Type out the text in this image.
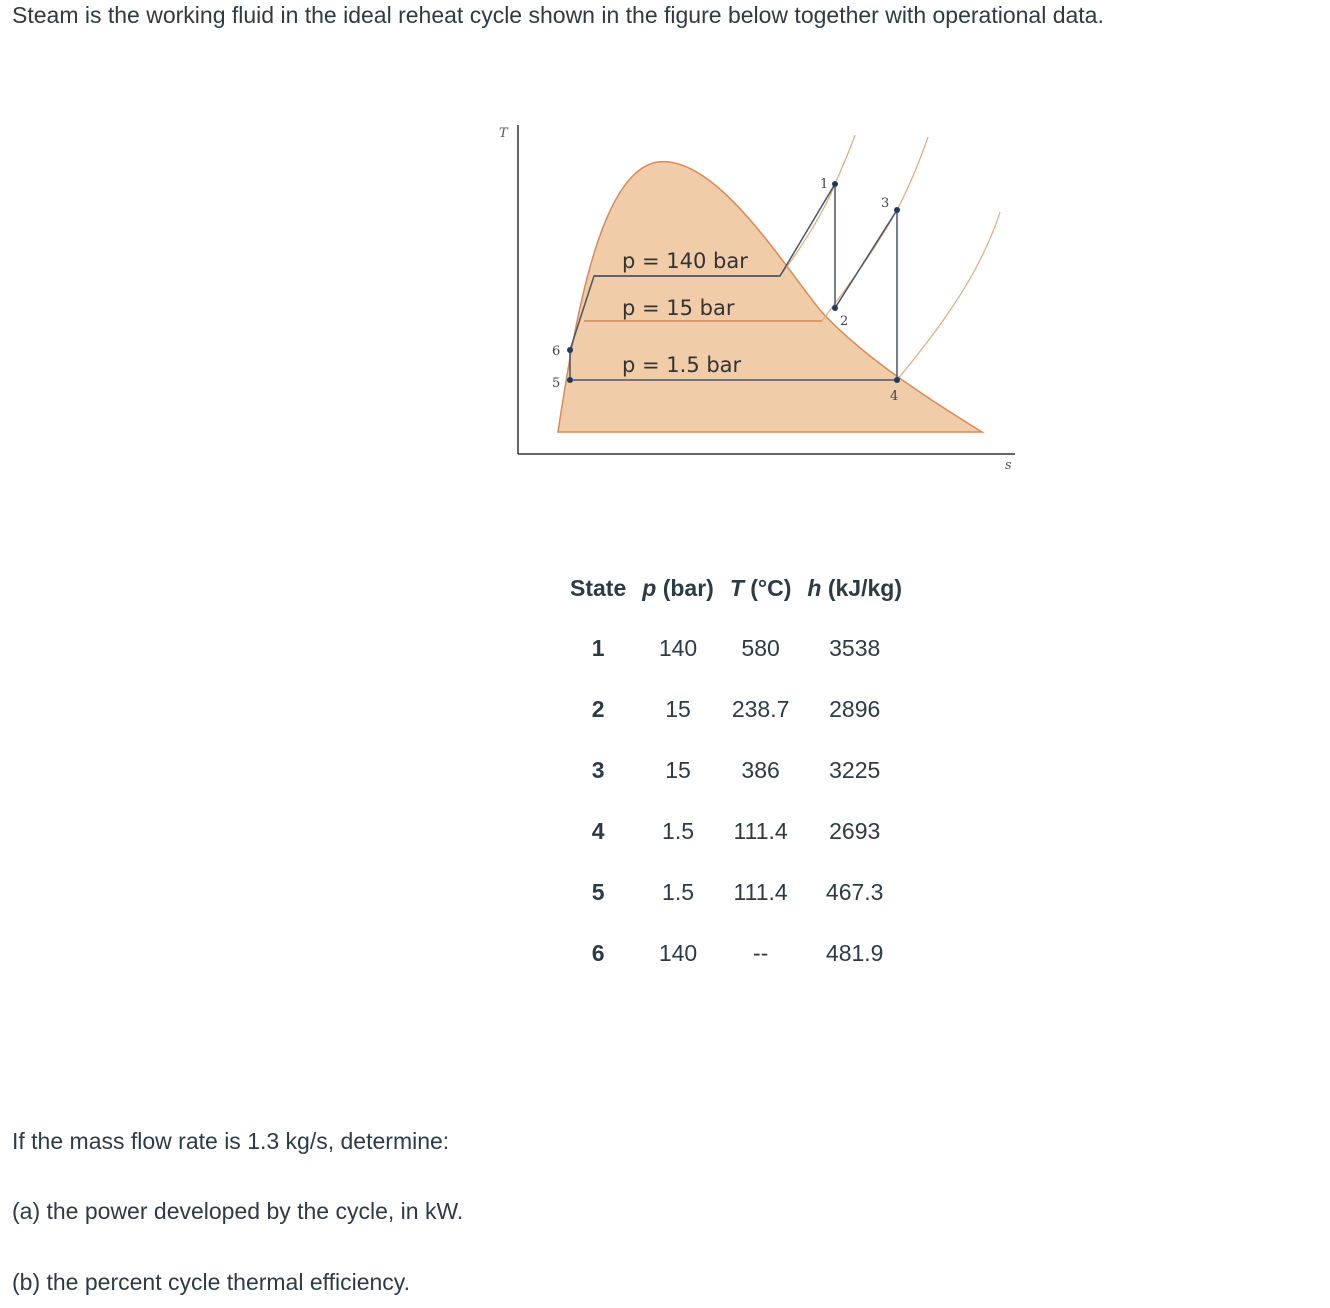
Steam is the working fluid in the ideal reheat cycle shown in the figure below together with operational data.
1
2
3
4
5
6
p = 140 bar
p = 15 bar
p = 1.5 bar
T
s
State	p (bar)	T (°C)	h (kJ/kg)
1	140	580	3538
2	15	238.7	2896
3	15	386	3225
4	1.5	111.4	2693
5	1.5	111.4	467.3
6	140	--	481.9
If the mass flow rate is 1.3 kg/s, determine:
(a) the power developed by the cycle, in kW.
(b) the percent cycle thermal efficiency.
